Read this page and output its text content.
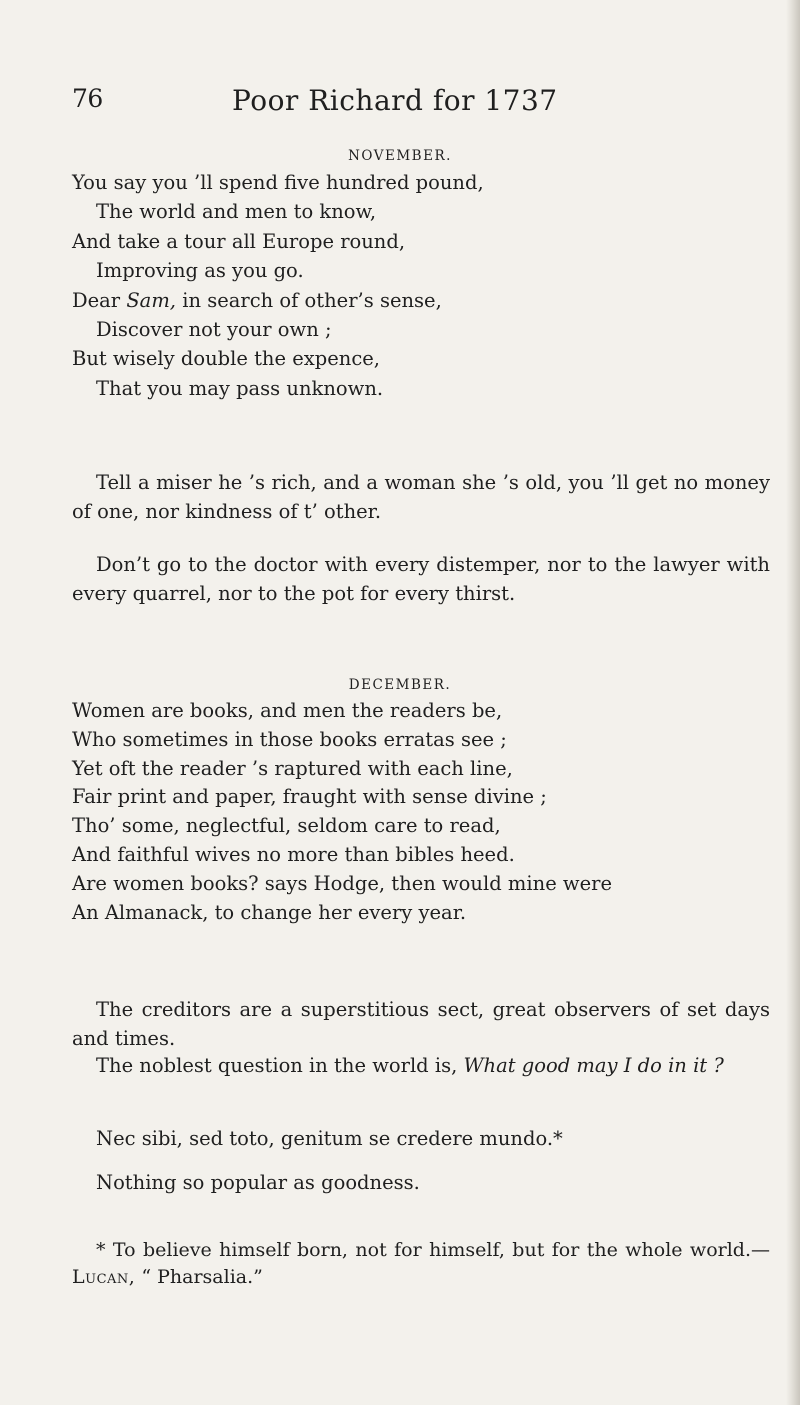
76	Poor Richard for 1737
NOVEMBER.
You say you ’ll spend five hundred pound,
The world and men to know,
And take a tour all Europe round,
Improving as you go.
Dear Sam, in search of other’s sense,
Discover not your own ;
But wisely double the expence,
That you may pass unknown.

Tell a miser he ’s rich, and a woman she ’s old, you ’ll get no money of one, nor kindness of t’ other.

Don’t go to the doctor with every distemper, nor to the lawyer with every quarrel, nor to the pot for every thirst.

DECEMBER.
Women are books, and men the readers be,
Who sometimes in those books erratas see ;
Yet oft the reader ’s raptured with each line,
Fair print and paper, fraught with sense divine ;
Tho’ some, neglectful, seldom care to read,
And faithful wives no more than bibles heed.
Are women books? says Hodge, then would mine were
An Almanack, to change her every year.

The creditors are a superstitious sect, great observers of set days and times.

The noblest question in the world is, What good may I do in it ?

Nec sibi, sed toto, genitum se credere mundo.*

Nothing so popular as goodness.

* To believe himself born, not for himself, but for the whole world.—Lucan, “ Pharsalia.”
